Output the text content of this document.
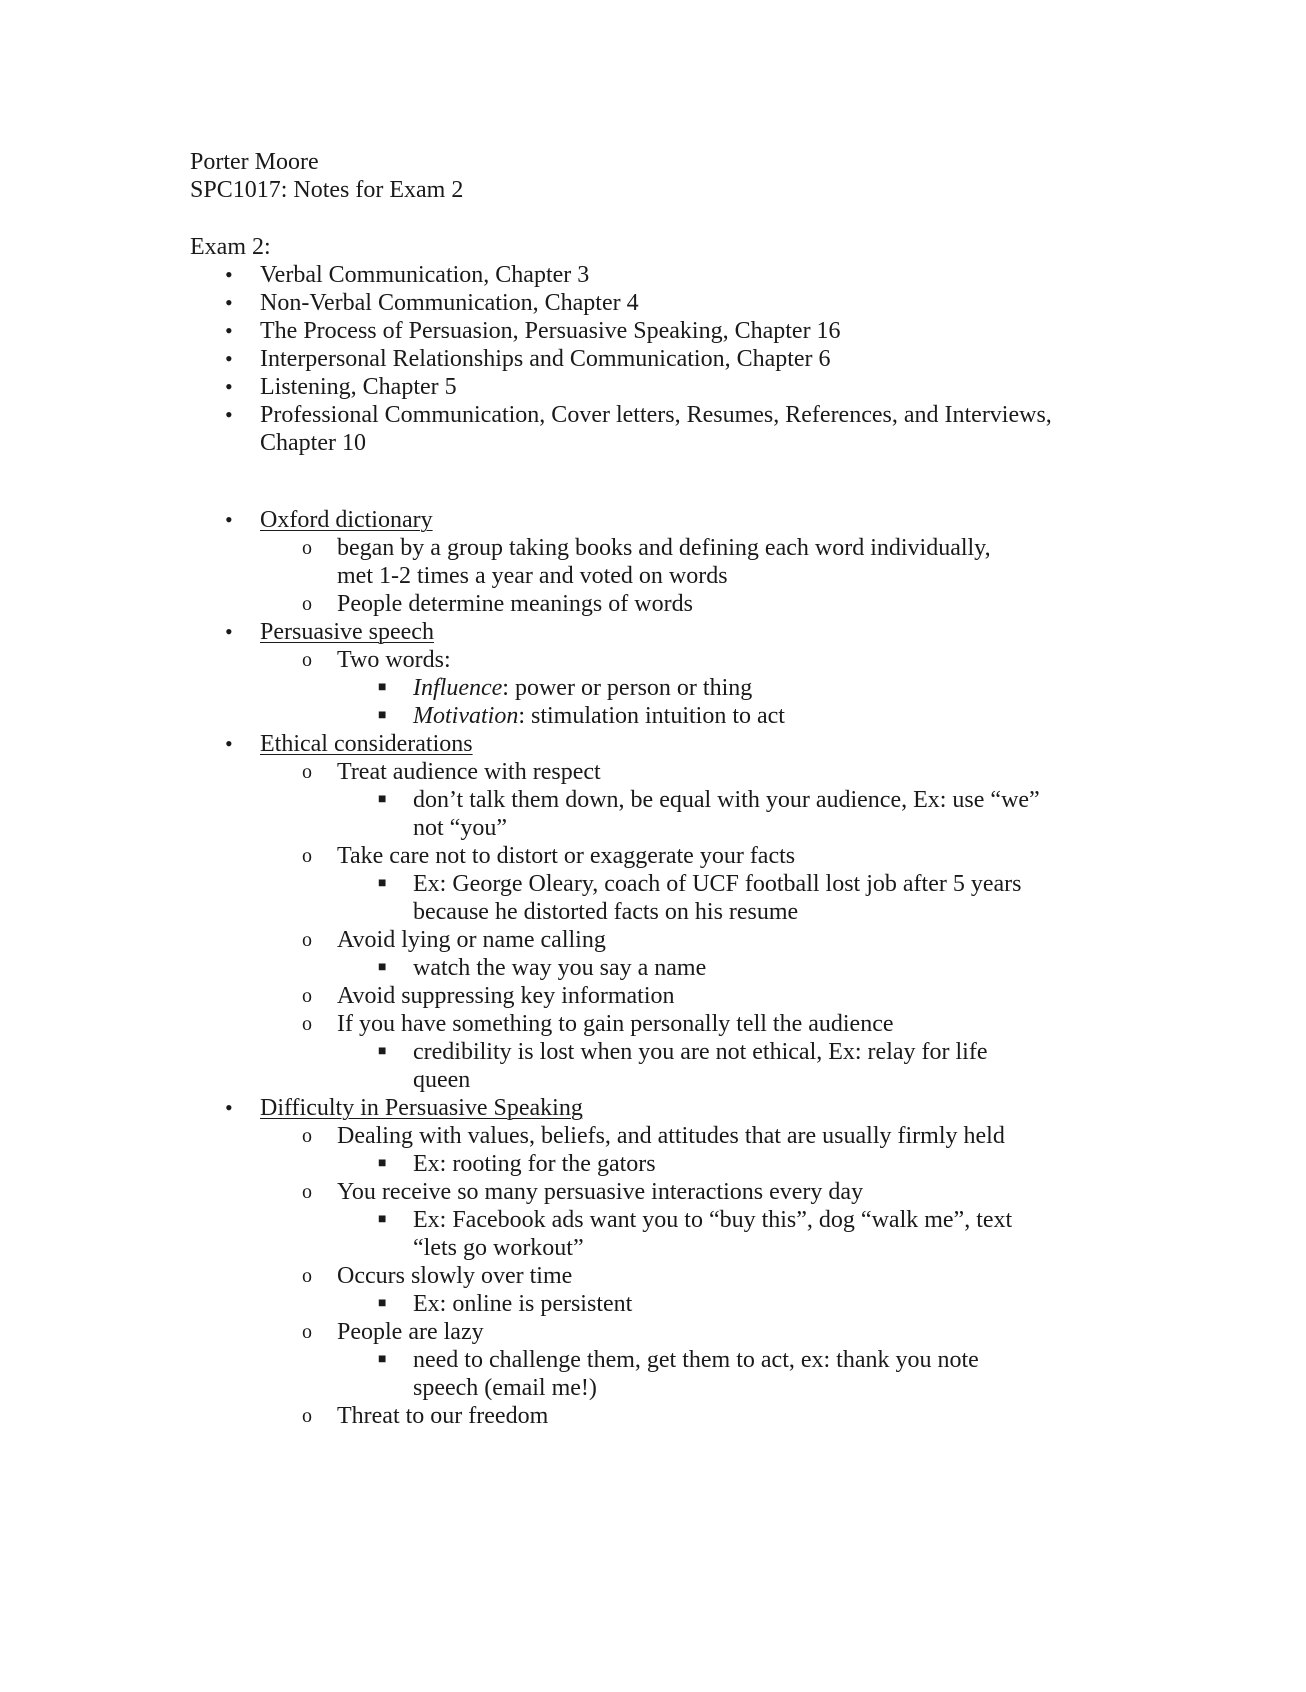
Porter Moore
SPC1017: Notes for Exam 2
Exam 2:
• Verbal Communication, Chapter 3
• Non-Verbal Communication, Chapter 4
• The Process of Persuasion, Persuasive Speaking, Chapter 16
• Interpersonal Relationships and Communication, Chapter 6
• Listening, Chapter 5
• Professional Communication, Cover letters, Resumes, References, and Interviews,
Chapter 10
• Oxford dictionary
o began by a group taking books and defining each word individually,
met 1-2 times a year and voted on words
o People determine meanings of words
• Persuasive speech
o Two words:
■ Influence: power or person or thing
■ Motivation: stimulation intuition to act
• Ethical considerations
o Treat audience with respect
■ don’t talk them down, be equal with your audience, Ex: use “we”
not “you”
o Take care not to distort or exaggerate your facts
■ Ex: George Oleary, coach of UCF football lost job after 5 years
because he distorted facts on his resume
o Avoid lying or name calling
■ watch the way you say a name
o Avoid suppressing key information
o If you have something to gain personally tell the audience
■ credibility is lost when you are not ethical, Ex: relay for life
queen
• Difficulty in Persuasive Speaking
o Dealing with values, beliefs, and attitudes that are usually firmly held
■ Ex: rooting for the gators
o You receive so many persuasive interactions every day
■ Ex: Facebook ads want you to “buy this”, dog “walk me”, text
“lets go workout”
o Occurs slowly over time
■ Ex: online is persistent
o People are lazy
■ need to challenge them, get them to act, ex: thank you note
speech (email me!)
o Threat to our freedom
